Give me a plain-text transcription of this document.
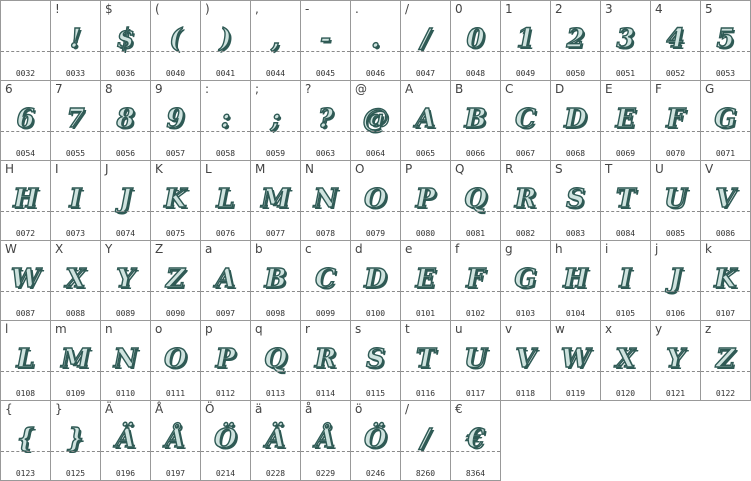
0032
!
!
0033
$
$
0036
(
(
0040
)
)
0041
,
,
0044
-
-
0045
.
.
0046
/
/
0047
0
0
0048
1
1
0049
2
2
0050
3
3
0051
4
4
0052
5
5
0053
6
6
0054
7
7
0055
8
8
0056
9
9
0057
:
:
0058
;
;
0059
?
?
0063
@
@
0064
A
A
0065
B
B
0066
C
C
0067
D
D
0068
E
E
0069
F
F
0070
G
G
0071
H
H
0072
I
I
0073
J
J
0074
K
K
0075
L
L
0076
M
M
0077
N
N
0078
O
O
0079
P
P
0080
Q
Q
0081
R
R
0082
S
S
0083
T
T
0084
U
U
0085
V
V
0086
W
W
0087
X
X
0088
Y
Y
0089
Z
Z
0090
a
A
0097
b
B
0098
c
C
0099
d
D
0100
e
E
0101
f
F
0102
g
G
0103
h
H
0104
i
I
0105
j
J
0106
k
K
0107
l
L
0108
m
M
0109
n
N
0110
o
O
0111
p
P
0112
q
Q
0113
r
R
0114
s
S
0115
t
T
0116
u
U
0117
v
V
0118
w
W
0119
x
X
0120
y
Y
0121
z
Z
0122
{
{
0123
}
}
0125
Ä
Ä
0196
Å
Å
0197
Ö
Ö
0214
ä
Ä
0228
å
Å
0229
ö
Ö
0246
/
/
8260
€
€
8364
